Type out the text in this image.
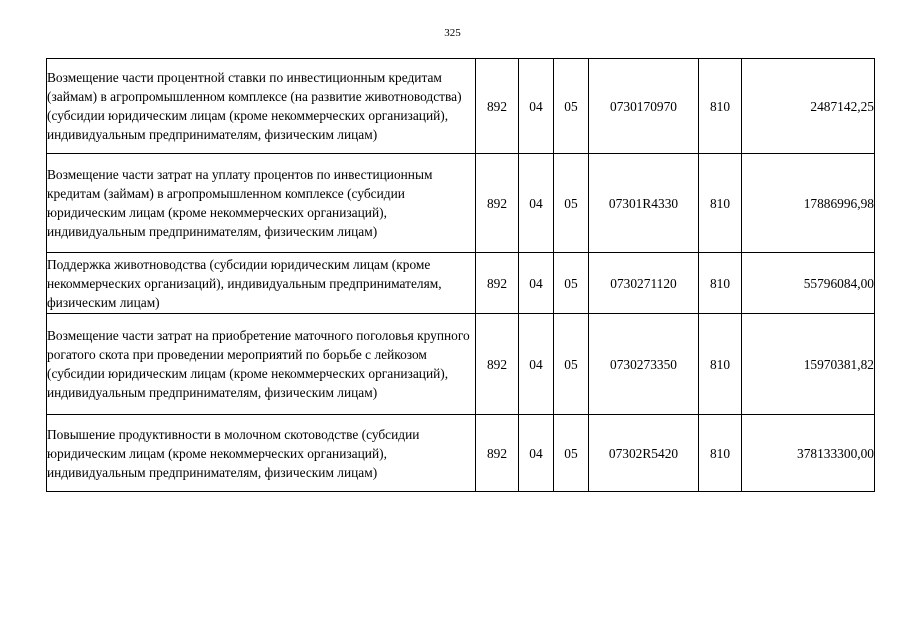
325
Возмещение части процентной ставки по инвестиционным кредитам (займам) в агропромышленном комплексе (на развитие животноводства) (субсидии юридическим лицам (кроме некоммерческих организаций), индивидуальным предпринимателям, физическим лицам)	892	04	05	0730170970	810	2487142,25
Возмещение части затрат на уплату процентов по инвестиционным кредитам (займам) в агропромышленном комплексе (субсидии юридическим лицам (кроме некоммерческих организаций), индивидуальным предпринимателям, физическим лицам)	892	04	05	07301R4330	810	17886996,98
Поддержка животноводства (субсидии юридическим лицам (кроме некоммерческих организаций), индивидуальным предпринимателям, физическим лицам)	892	04	05	0730271120	810	55796084,00
Возмещение части затрат на приобретение маточного поголовья крупного рогатого скота при проведении мероприятий по борьбе с лейкозом (субсидии юридическим лицам (кроме некоммерческих организаций), индивидуальным предпринимателям, физическим лицам)	892	04	05	0730273350	810	15970381,82
Повышение продуктивности в молочном скотоводстве (субсидии юридическим лицам (кроме некоммерческих организаций), индивидуальным предпринимателям, физическим лицам)	892	04	05	07302R5420	810	378133300,00
